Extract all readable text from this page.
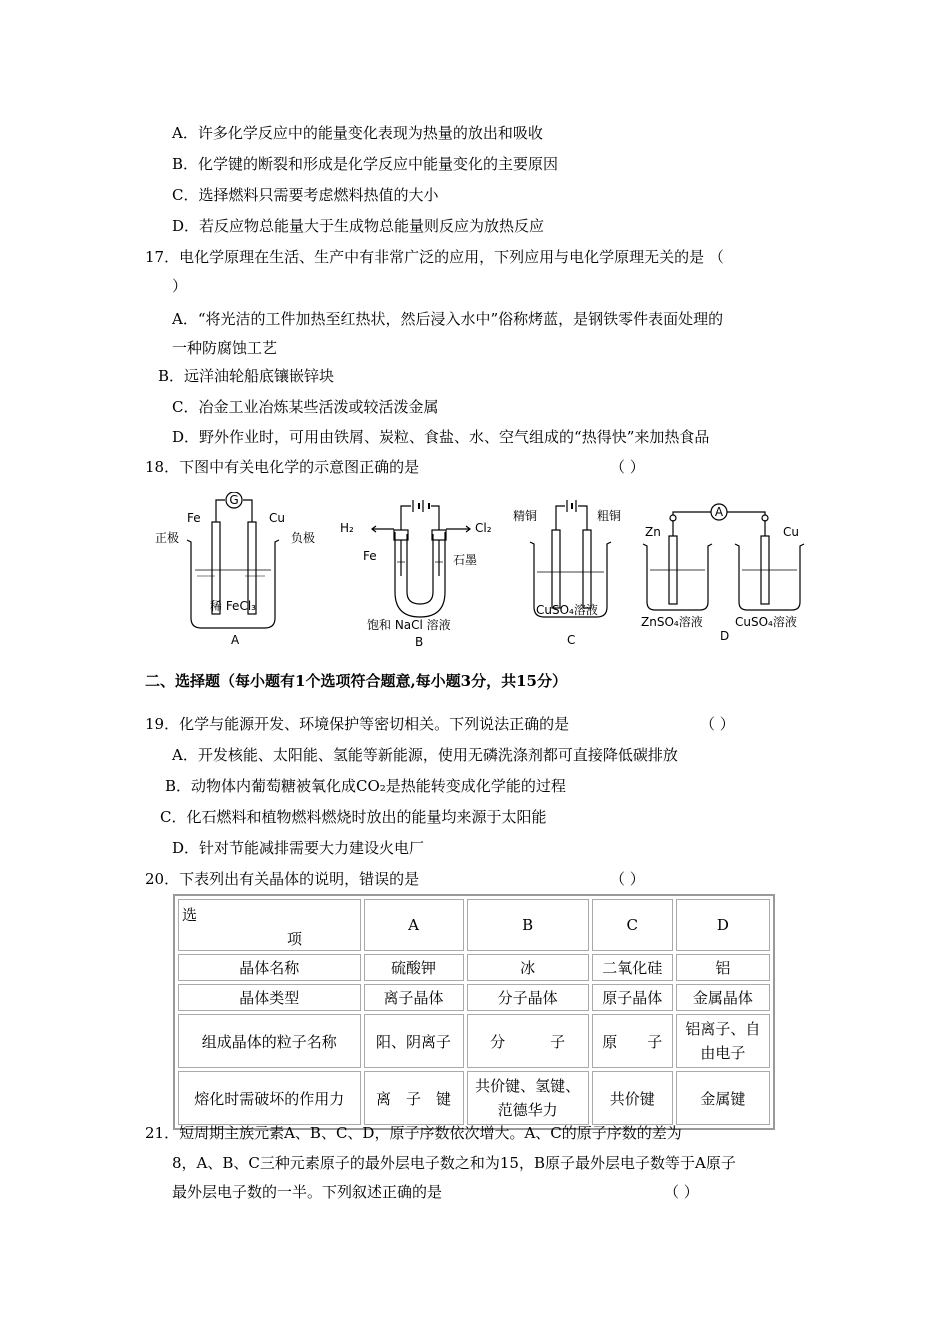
A．许多化学反应中的能量变化表现为热量的放出和吸收
B．化学键的断裂和形成是化学反应中能量变化的主要原因
C．选择燃料只需要考虑燃料热值的大小
D．若反应物总能量大于生成物总能量则反应为放热反应
17．电化学原理在生活、生产中有非常广泛的应用，下列应用与电化学原理无关的是 （
）
A．“将光洁的工件加热至红热状，然后浸入水中”俗称烤蓝，是钢铁零件表面处理的
一种防腐蚀工艺
B．远洋油轮船底镶嵌锌块
C．冶金工业冶炼某些活泼或较活泼金属
D．野外作业时，可用由铁屑、炭粒、食盐、水、空气组成的“热得快”来加热食品
18．下图中有关电化学的示意图正确的是	（ ）
G
Fe	Cu
正极	负极
稀 FeCl₃
A
H₂	Cl₂
Fe	石墨
饱和 NaCl 溶液
B
精铜	粗铜
CuSO₄溶液
C
A
Zn	Cu
ZnSO₄溶液	CuSO₄溶液
D
二、选择题（每小题有1个选项符合题意,每小题3分，共15分）
19．化学与能源开发、环境保护等密切相关。下列说法正确的是	（ ）
A．开发核能、太阳能、氢能等新能源，使用无磷洗涤剂都可直接降低碳排放
B．动物体内葡萄糖被氧化成CO₂是热能转变成化学能的过程
C．化石燃料和植物燃料燃烧时放出的能量均来源于太阳能
D．针对节能减排需要大力建设火电厂
20．下表列出有关晶体的说明，错误的是	（ ）
选
项	A	B	C	D
晶体名称	硫酸钾	冰	二氧化硅	铝
晶体类型	离子晶体	分子晶体	原子晶体	金属晶体
组成晶体的粒子名称	阳、阴离子	分　　　子	原　　子	铝离子、自由电子
熔化时需破坏的作用力	离　子　键	共价键、氢键、范德华力	共价键	金属键
21．短周期主族元素A、B、C、D，原子序数依次增大。A、C的原子序数的差为
8，A、B、C三种元素原子的最外层电子数之和为15，B原子最外层电子数等于A原子
最外层电子数的一半。下列叙述正确的是	（ ）
